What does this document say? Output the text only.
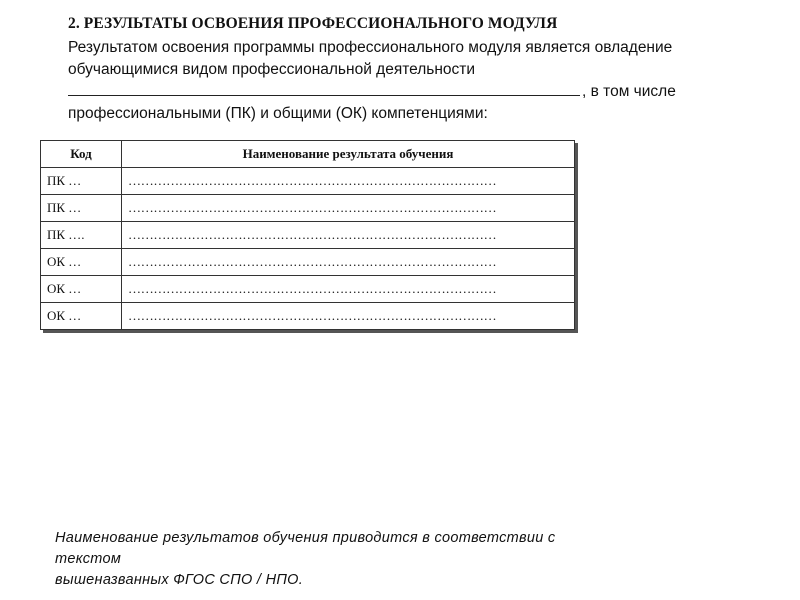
2. РЕЗУЛЬТАТЫ ОСВОЕНИЯ ПРОФЕССИОНАЛЬНОГО МОДУЛЯ
Результатом освоения программы профессионального модуля является овладение
обучающимися видом профессиональной деятельности
, в том числе
профессиональными (ПК) и общими (ОК) компетенциями:
Код	Наименование результата обучения
ПК …	……………………………………………………………………………
ПК …	……………………………………………………………………………
ПК ….	……………………………………………………………………………
ОК …	……………………………………………………………………………
ОК …	……………………………………………………………………………
ОК …	……………………………………………………………………………
Наименование результатов обучения приводится в соответствии с
текстом
вышеназванных ФГОС СПО / НПО.
